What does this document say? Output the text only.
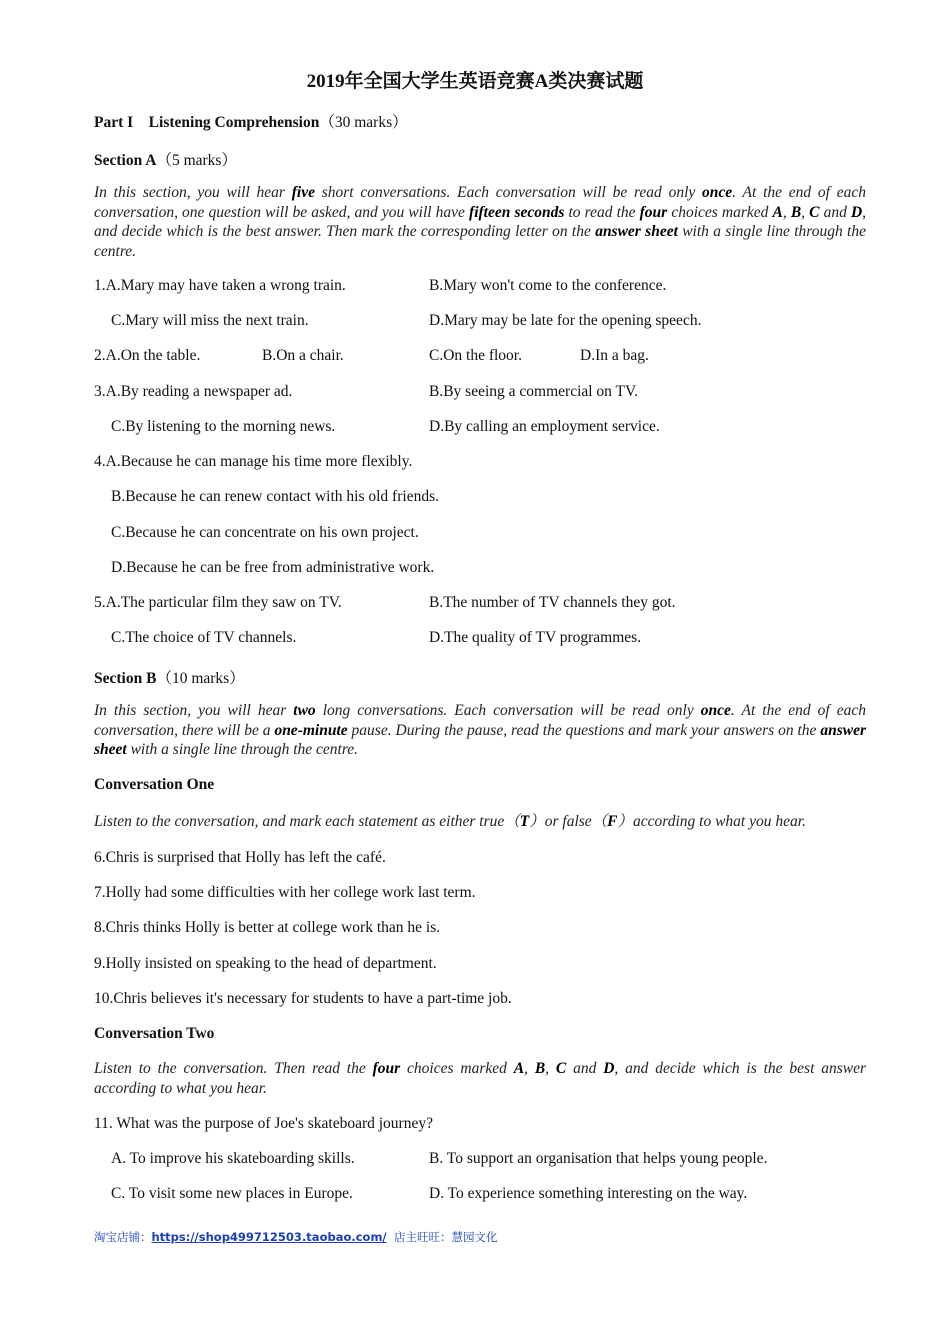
2019年全国大学生英语竞赛A类决赛试题
Part I Listening Comprehension（30 marks）
Section A（5 marks）
In this section, you will hear five short conversations. Each conversation will be read only once. At the end of each conversation, one question will be asked, and you will have fifteen seconds to read the four choices marked A, B, C and D, and decide which is the best answer. Then mark the corresponding letter on the answer sheet with a single line through the centre.
1.A.Mary may have taken a wrong train.	B.Mary won't come to the conference.
C.Mary will miss the next train.	D.Mary may be late for the opening speech.
2.A.On the table.	B.On a chair.	C.On the floor.	D.In a bag.
3.A.By reading a newspaper ad.	B.By seeing a commercial on TV.
C.By listening to the morning news.	D.By calling an employment service.
4.A.Because he can manage his time more flexibly.
B.Because he can renew contact with his old friends.
C.Because he can concentrate on his own project.
D.Because he can be free from administrative work.
5.A.The particular film they saw on TV.	B.The number of TV channels they got.
C.The choice of TV channels.	D.The quality of TV programmes.
Section B（10 marks）
In this section, you will hear two long conversations. Each conversation will be read only once. At the end of each conversation, there will be a one-minute pause. During the pause, read the questions and mark your answers on the answer sheet with a single line through the centre.
Conversation One
Listen to the conversation, and mark each statement as either true（T）or false（F）according to what you hear.
6.Chris is surprised that Holly has left the café.
7.Holly had some difficulties with her college work last term.
8.Chris thinks Holly is better at college work than he is.
9.Holly insisted on speaking to the head of department.
10.Chris believes it's necessary for students to have a part-time job.
Conversation Two
Listen to the conversation. Then read the four choices marked A, B, C and D, and decide which is the best answer according to what you hear.
11. What was the purpose of Joe's skateboard journey?
A. To improve his skateboarding skills.	B. To support an organisation that helps young people.
C. To visit some new places in Europe.	D. To experience something interesting on the way.
淘宝店铺：https://shop499712503.taobao.com/ 店主旺旺：慧园文化
